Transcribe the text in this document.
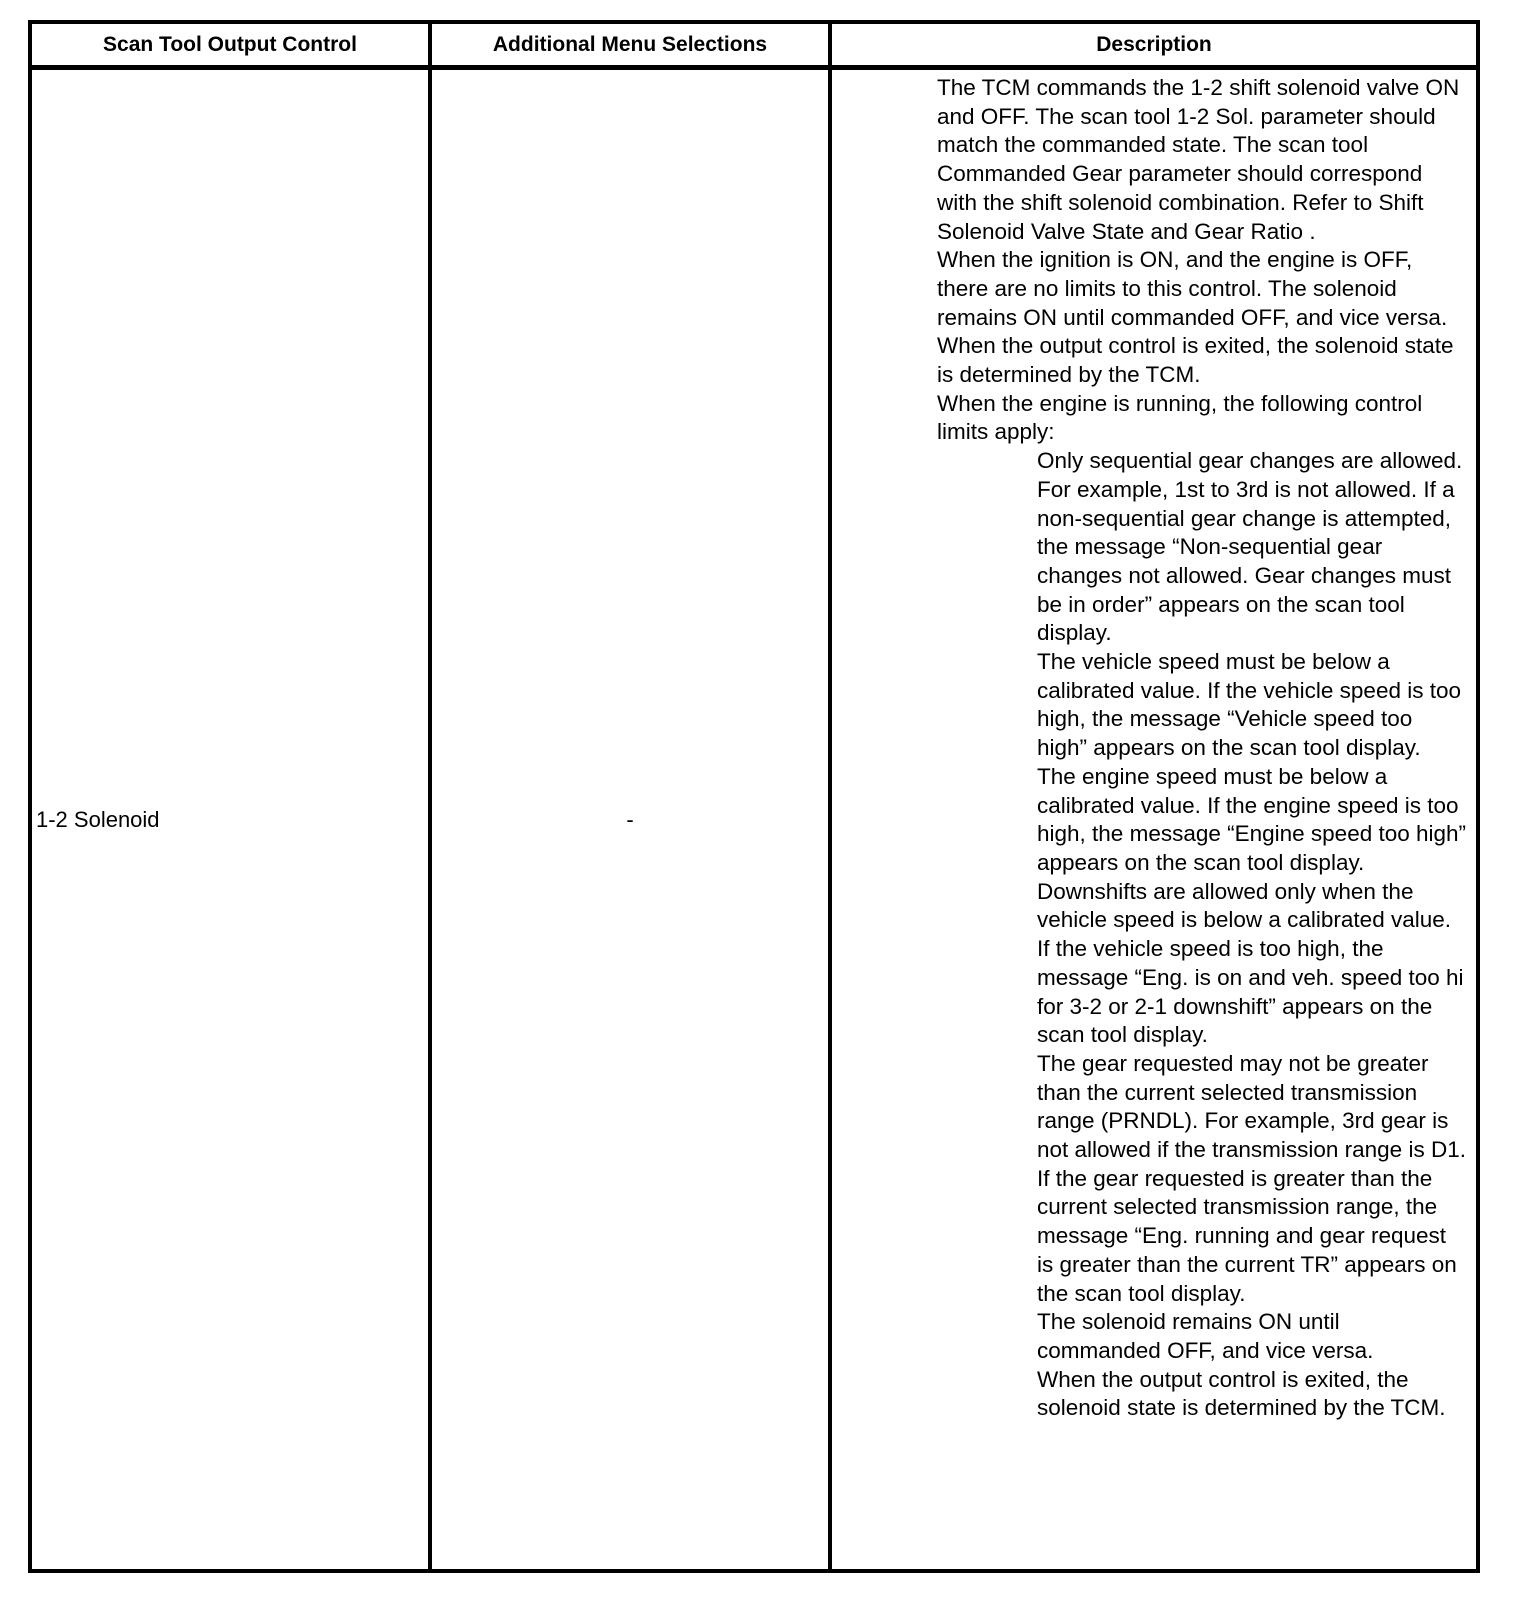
Scan Tool Output Control	Additional Menu Selections	Description
1-2 Solenoid	-

The TCM commands the 1-2 shift solenoid valve ON and OFF. The scan tool 1-2 Sol. parameter should match the commanded state. The scan tool Commanded Gear parameter should correspond with the shift solenoid combination. Refer to Shift Solenoid Valve State and Gear Ratio .

When the ignition is ON, and the engine is OFF, there are no limits to this control. The solenoid remains ON until commanded OFF, and vice versa. When the output control is exited, the solenoid state is determined by the TCM.

When the engine is running, the following control limits apply:

Only sequential gear changes are allowed. For example, 1st to 3rd is not allowed. If a non-sequential gear change is attempted, the message “Non-sequential gear changes not allowed. Gear changes must be in order” appears on the scan tool display.
The vehicle speed must be below a calibrated value. If the vehicle speed is too high, the message “Vehicle speed too high” appears on the scan tool display.
The engine speed must be below a calibrated value. If the engine speed is too high, the message “Engine speed too high” appears on the scan tool display.
Downshifts are allowed only when the vehicle speed is below a calibrated value. If the vehicle speed is too high, the message “Eng. is on and veh. speed too hi for 3-2 or 2-1 downshift” appears on the scan tool display.
The gear requested may not be greater than the current selected transmission range (PRNDL). For example, 3rd gear is not allowed if the transmission range is D1. If the gear requested is greater than the current selected transmission range, the message “Eng. running and gear request is greater than the current TR” appears on the scan tool display.
The solenoid remains ON until commanded OFF, and vice versa.
When the output control is exited, the solenoid state is determined by the TCM.
